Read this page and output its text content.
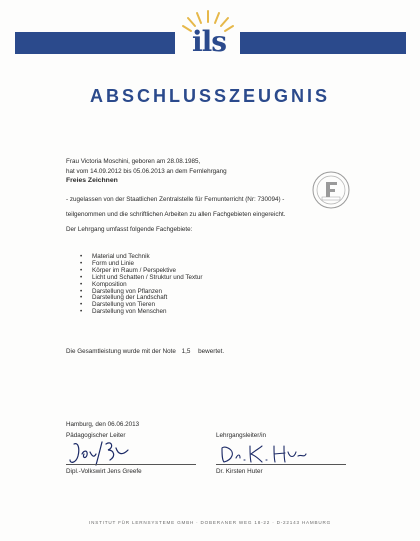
ils
ABSCHLUSSZEUGNIS
Frau Victoria Moschini, geboren am 28.08.1985,
hat vom 14.09.2012 bis 05.06.2013 an dem Fernlehrgang
Freies Zeichnen
- zugelassen von der Staatlichen Zentralstelle für Fernunterricht (Nr: 730094) -
teilgenommen und die schriftlichen Arbeiten zu allen Fachgebieten eingereicht.
Der Lehrgang umfasst folgende Fachgebiete:
• Material und Technik
• Form und Linie
• Körper im Raum / Perspektive
• Licht und Schatten / Struktur und Textur
• Komposition
• Darstellung von Pflanzen
• Darstellung der Landschaft
• Darstellung von Tieren
• Darstellung von Menschen
Die Gesamtleistung wurde mit der Note 1,5 bewertet.
Hamburg, den 06.06.2013
Pädagogischer Leiter	Lehrgangsleiter/in
Dipl.-Volkswirt Jens Greefe	Dr. Kirsten Huter
INSTITUT FÜR LERNSYSTEME GMBH · DOBERANER WEG 18-22 · D-22143 HAMBURG
